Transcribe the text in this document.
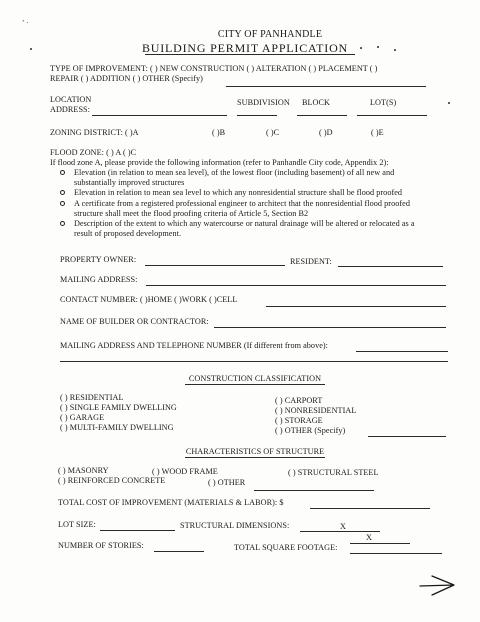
ʼ ·
CITY OF PANHANDLE
BUILDING PERMIT APPLICATION
TYPE OF IMPROVEMENT: ( ) NEW CONSTRUCTION ( ) ALTERATION ( ) PLACEMENT ( )
REPAIR ( ) ADDITION ( ) OTHER (Specify)
LOCATION
ADDRESS:
SUBDIVISION BLOCK	LOT(S)
ZONING DISTRICT: ( )A	( )B	( )C	( )D	( )E
FLOOD ZONE: ( ) A ( )C
If flood zone A, please provide the following information (refer to Panhandle City code, Appendix 2):
Elevation (in relation to mean sea level), of the lowest floor (including basement) of all new and
substantially improved structures
Elevation in relation to mean sea level to which any nonresidential structure shall be flood proofed
A certificate from a registered professional engineer to architect that the nonresidential flood proofed
structure shall meet the flood proofing criteria of Article 5, Section B2
Description of the extent to which any watercourse or natural drainage will be altered or relocated as a
result of proposed development.
PROPERTY OWNER:	RESIDENT:
MAILING ADDRESS:
CONTACT NUMBER: ( )HOME ( )WORK ( )CELL
NAME OF BUILDER OR CONTRACTOR:
MAILING ADDRESS AND TELEPHONE NUMBER (If different from above):
CONSTRUCTION CLASSIFICATION
( ) RESIDENTIAL
( ) SINGLE FAMILY DWELLING
( ) GARAGE
( ) MULTI-FAMILY DWELLING
( ) CARPORT
( ) NONRESIDENTIAL
( ) STORAGE
( ) OTHER (Specify)
CHARACTERISTICS OF STRUCTURE
( ) MASONRY	( ) WOOD FRAME	( ) STRUCTURAL STEEL
( ) REINFORCED CONCRETE	( ) OTHER
TOTAL COST OF IMPROVEMENT (MATERIALS & LABOR): $
LOT SIZE:	STRUCTURAL DIMENSIONS:	X
X
NUMBER OF STORIES:	TOTAL SQUARE FOOTAGE:
